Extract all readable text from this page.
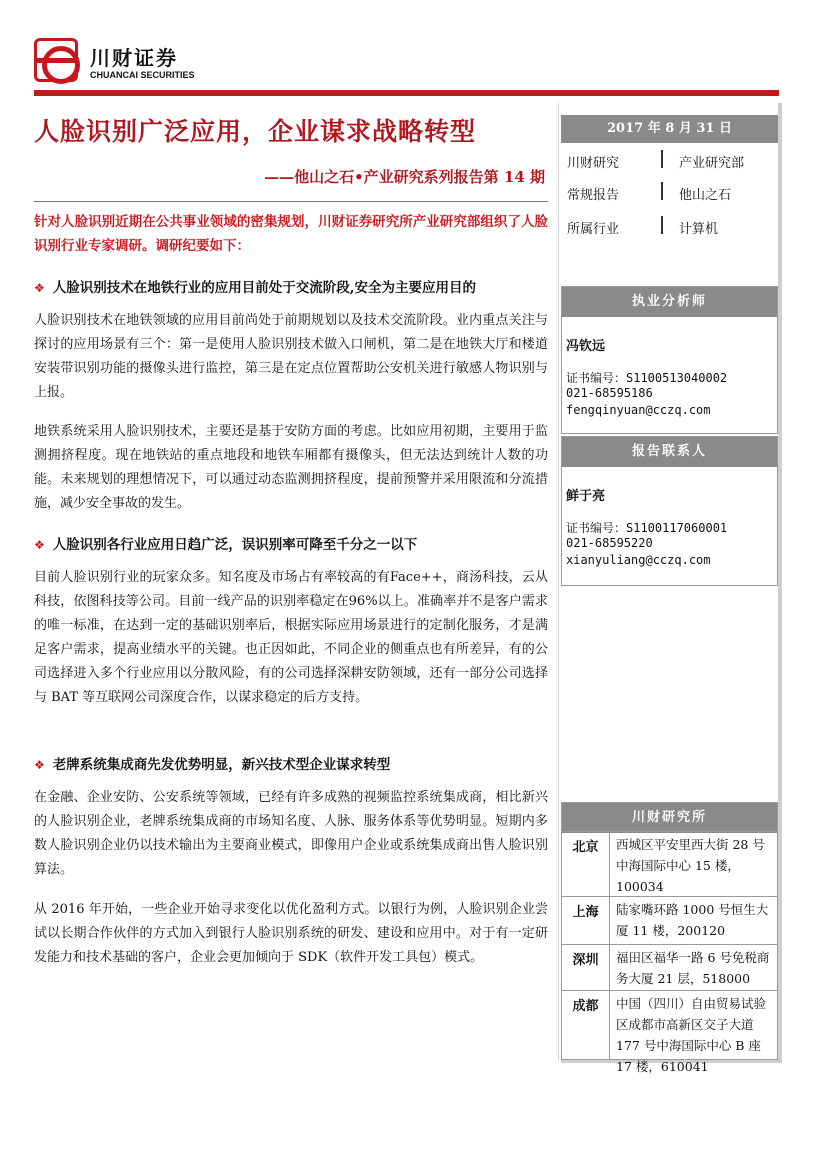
川财证券
CHUANCAI SECURITIES
人脸识别广泛应用，企业谋求战略转型
——他山之石•产业研究系列报告第 14 期
针对人脸识别近期在公共事业领域的密集规划，川财证券研究所产业研究部组织了人脸识别行业专家调研。调研纪要如下：
❖ 人脸识别技术在地铁行业的应用目前处于交流阶段,安全为主要应用目的
人脸识别技术在地铁领域的应用目前尚处于前期规划以及技术交流阶段。业内重点关注与探讨的应用场景有三个：第一是使用人脸识别技术做入口闸机，第二是在地铁大厅和楼道安装带识别功能的摄像头进行监控，第三是在定点位置帮助公安机关进行敏感人物识别与上报。
地铁系统采用人脸识别技术，主要还是基于安防方面的考虑。比如应用初期，主要用于监测拥挤程度。现在地铁站的重点地段和地铁车厢都有摄像头，但无法达到统计人数的功能。未来规划的理想情况下，可以通过动态监测拥挤程度，提前预警并采用限流和分流措施，减少安全事故的发生。
❖ 人脸识别各行业应用日趋广泛，误识别率可降至千分之一以下
目前人脸识别行业的玩家众多。知名度及市场占有率较高的有Face++，商汤科技，云从科技，依图科技等公司。目前一线产品的识别率稳定在96%以上。准确率并不是客户需求的唯一标准，在达到一定的基础识别率后，根据实际应用场景进行的定制化服务，才是满足客户需求，提高业绩水平的关键。也正因如此，不同企业的侧重点也有所差异，有的公司选择进入多个行业应用以分散风险，有的公司选择深耕安防领域，还有一部分公司选择与 BAT 等互联网公司深度合作，以谋求稳定的后方支持。
❖ 老牌系统集成商先发优势明显，新兴技术型企业谋求转型
在金融、企业安防、公安系统等领域，已经有许多成熟的视频监控系统集成商，相比新兴的人脸识别企业，老牌系统集成商的市场知名度、人脉、服务体系等优势明显。短期内多数人脸识别企业仍以技术输出为主要商业模式，即像用户企业或系统集成商出售人脸识别算法。
从 2016 年开始，一些企业开始寻求变化以优化盈利方式。以银行为例，人脸识别企业尝试以长期合作伙伴的方式加入到银行人脸识别系统的研发、建设和应用中。对于有一定研发能力和技术基础的客户，企业会更加倾向于 SDK（软件开发工具包）模式。
2017 年 8 月 31 日
川财研究	产业研究部
常规报告	他山之石
所属行业	计算机
执业分析师
冯钦远
证书编号：S1100513040002
021-68595186
fengqinyuan@cczq.com
报告联系人
鲜于亮
证书编号：S1100117060001
021-68595220
xianyuliang@cczq.com
川财研究所
北京	西城区平安里西大街 28 号中海国际中心 15 楼，100034
上海	陆家嘴环路 1000 号恒生大厦 11 楼，200120
深圳	福田区福华一路 6 号免税商务大厦 21 层，518000
成都	中国（四川）自由贸易试验区成都市高新区交子大道 177 号中海国际中心 B 座 17 楼，610041
